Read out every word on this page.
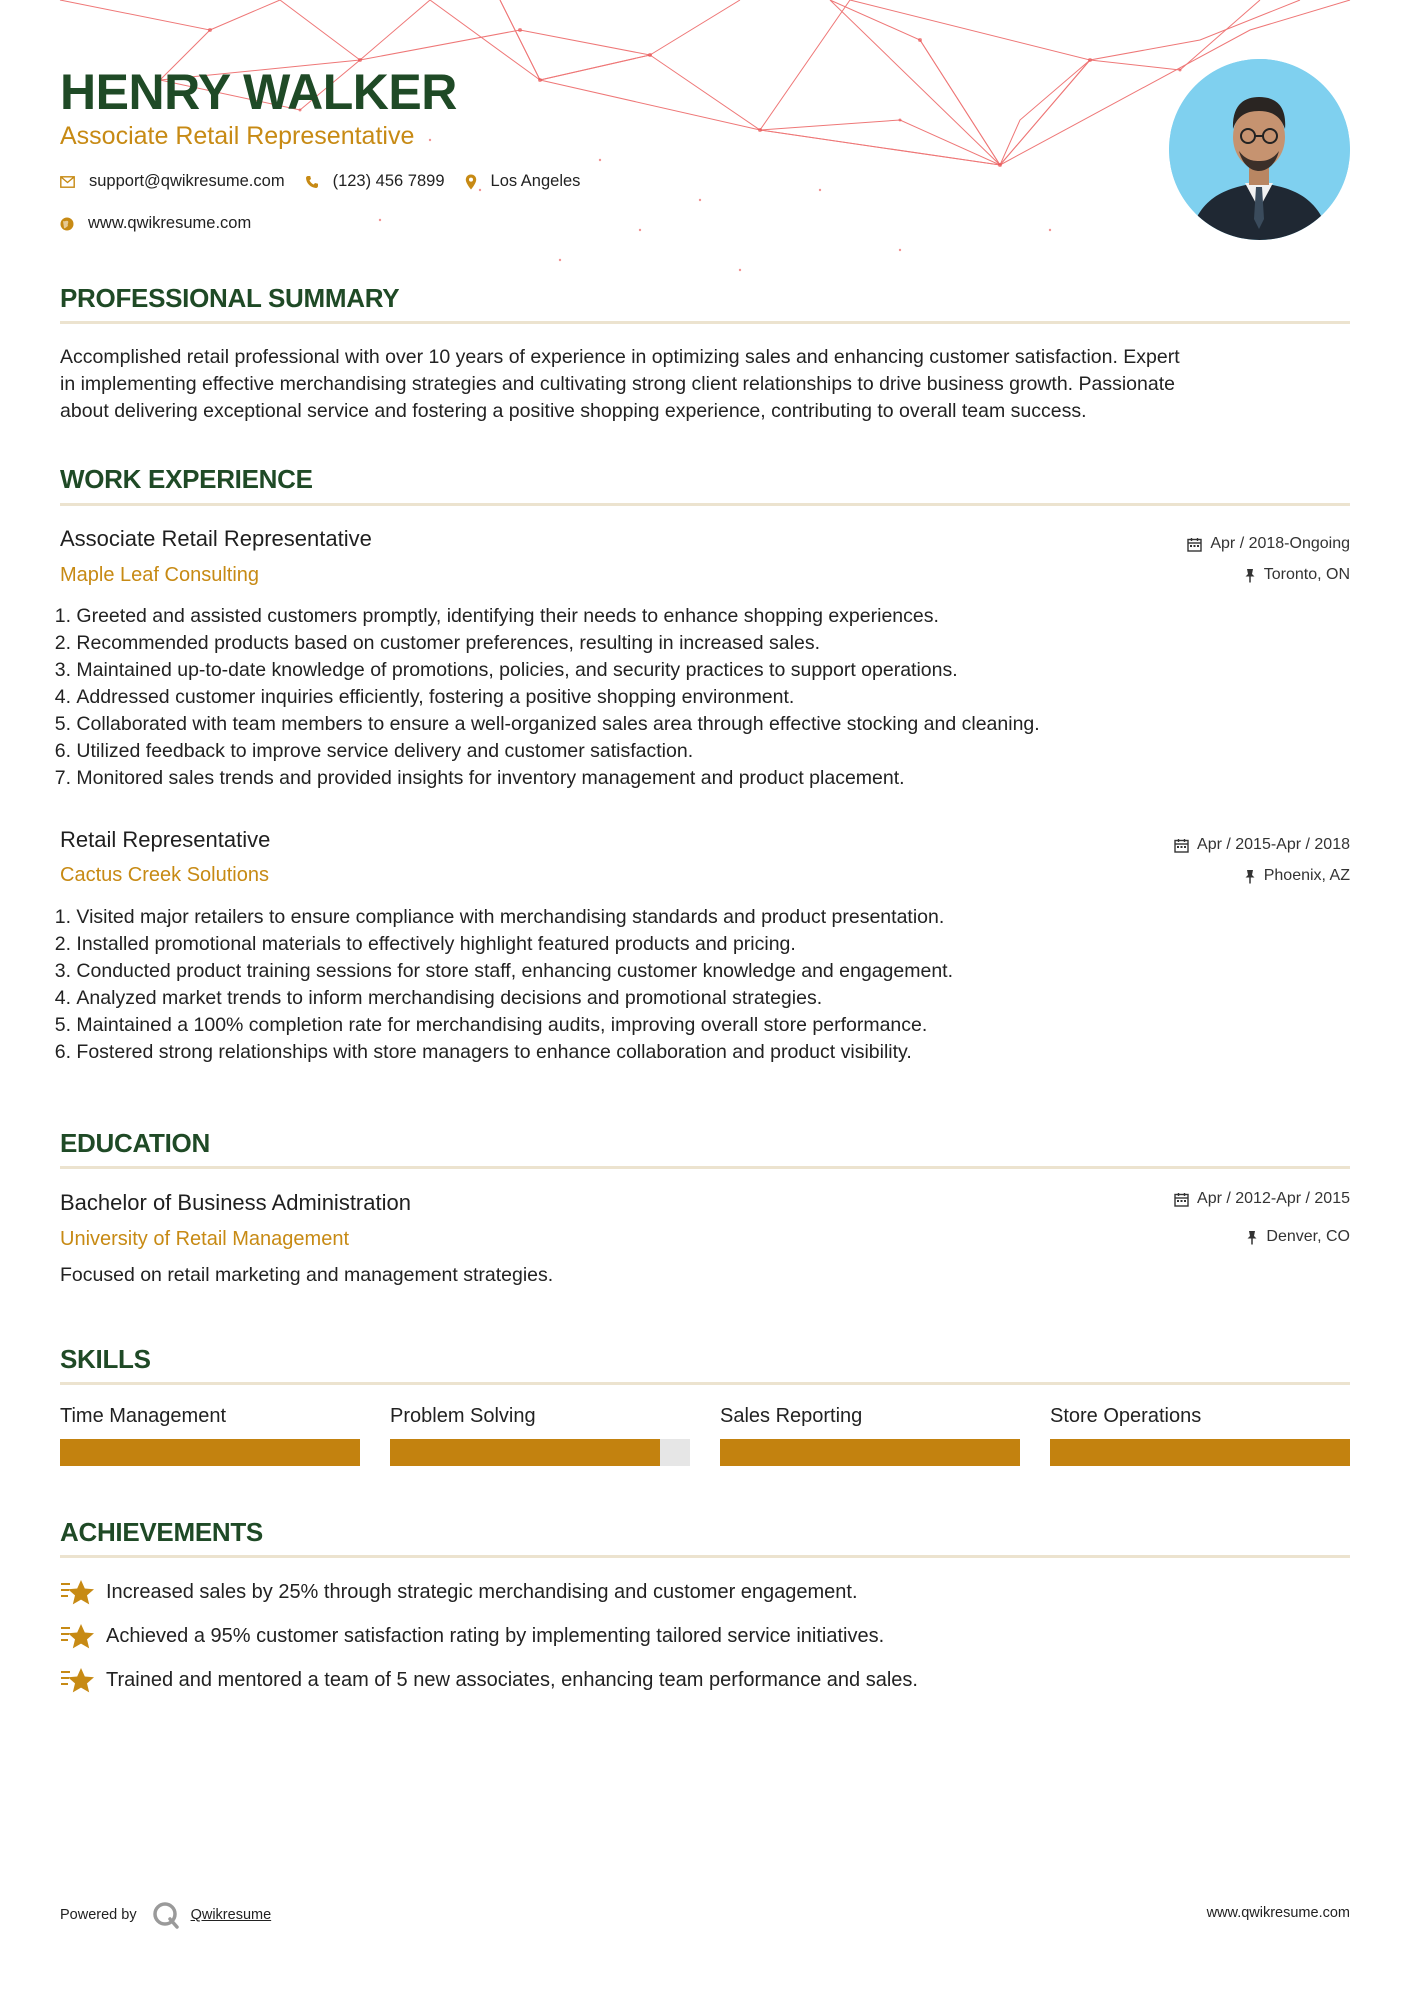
HENRY WALKER
Associate Retail Representative
support@qwikresume.com	(123) 456 7899	Los Angeles
www.qwikresume.com
PROFESSIONAL SUMMARY
Accomplished retail professional with over 10 years of experience in optimizing sales and enhancing customer satisfaction. Expert
in implementing effective merchandising strategies and cultivating strong client relationships to drive business growth. Passionate
about delivering exceptional service and fostering a positive shopping experience, contributing to overall team success.
WORK EXPERIENCE
Associate Retail Representative
Maple Leaf Consulting
Apr / 2018-Ongoing
Toronto, ON
1.
Greeted and assisted customers promptly, identifying their needs to enhance shopping experiences.
2.
Recommended products based on customer preferences, resulting in increased sales.
3.
Maintained up-to-date knowledge of promotions, policies, and security practices to support operations.
4.
Addressed customer inquiries efficiently, fostering a positive shopping environment.
5.
Collaborated with team members to ensure a well-organized sales area through effective stocking and cleaning.
6.
Utilized feedback to improve service delivery and customer satisfaction.
7.
Monitored sales trends and provided insights for inventory management and product placement.
Retail Representative
Cactus Creek Solutions
Apr / 2015-Apr / 2018
Phoenix, AZ
1.
Visited major retailers to ensure compliance with merchandising standards and product presentation.
2.
Installed promotional materials to effectively highlight featured products and pricing.
3.
Conducted product training sessions for store staff, enhancing customer knowledge and engagement.
4.
Analyzed market trends to inform merchandising decisions and promotional strategies.
5.
Maintained a 100% completion rate for merchandising audits, improving overall store performance.
6.
Fostered strong relationships with store managers to enhance collaboration and product visibility.
EDUCATION
Bachelor of Business Administration
University of Retail Management
Apr / 2012-Apr / 2015
Denver, CO
Focused on retail marketing and management strategies.
SKILLS
Time Management	Problem Solving	Sales Reporting	Store Operations
ACHIEVEMENTS
Increased sales by 25% through strategic merchandising and customer engagement.
Achieved a 95% customer satisfaction rating by implementing tailored service initiatives.
Trained and mentored a team of 5 new associates, enhancing team performance and sales.
Powered by	Qwikresume	www.qwikresume.com
